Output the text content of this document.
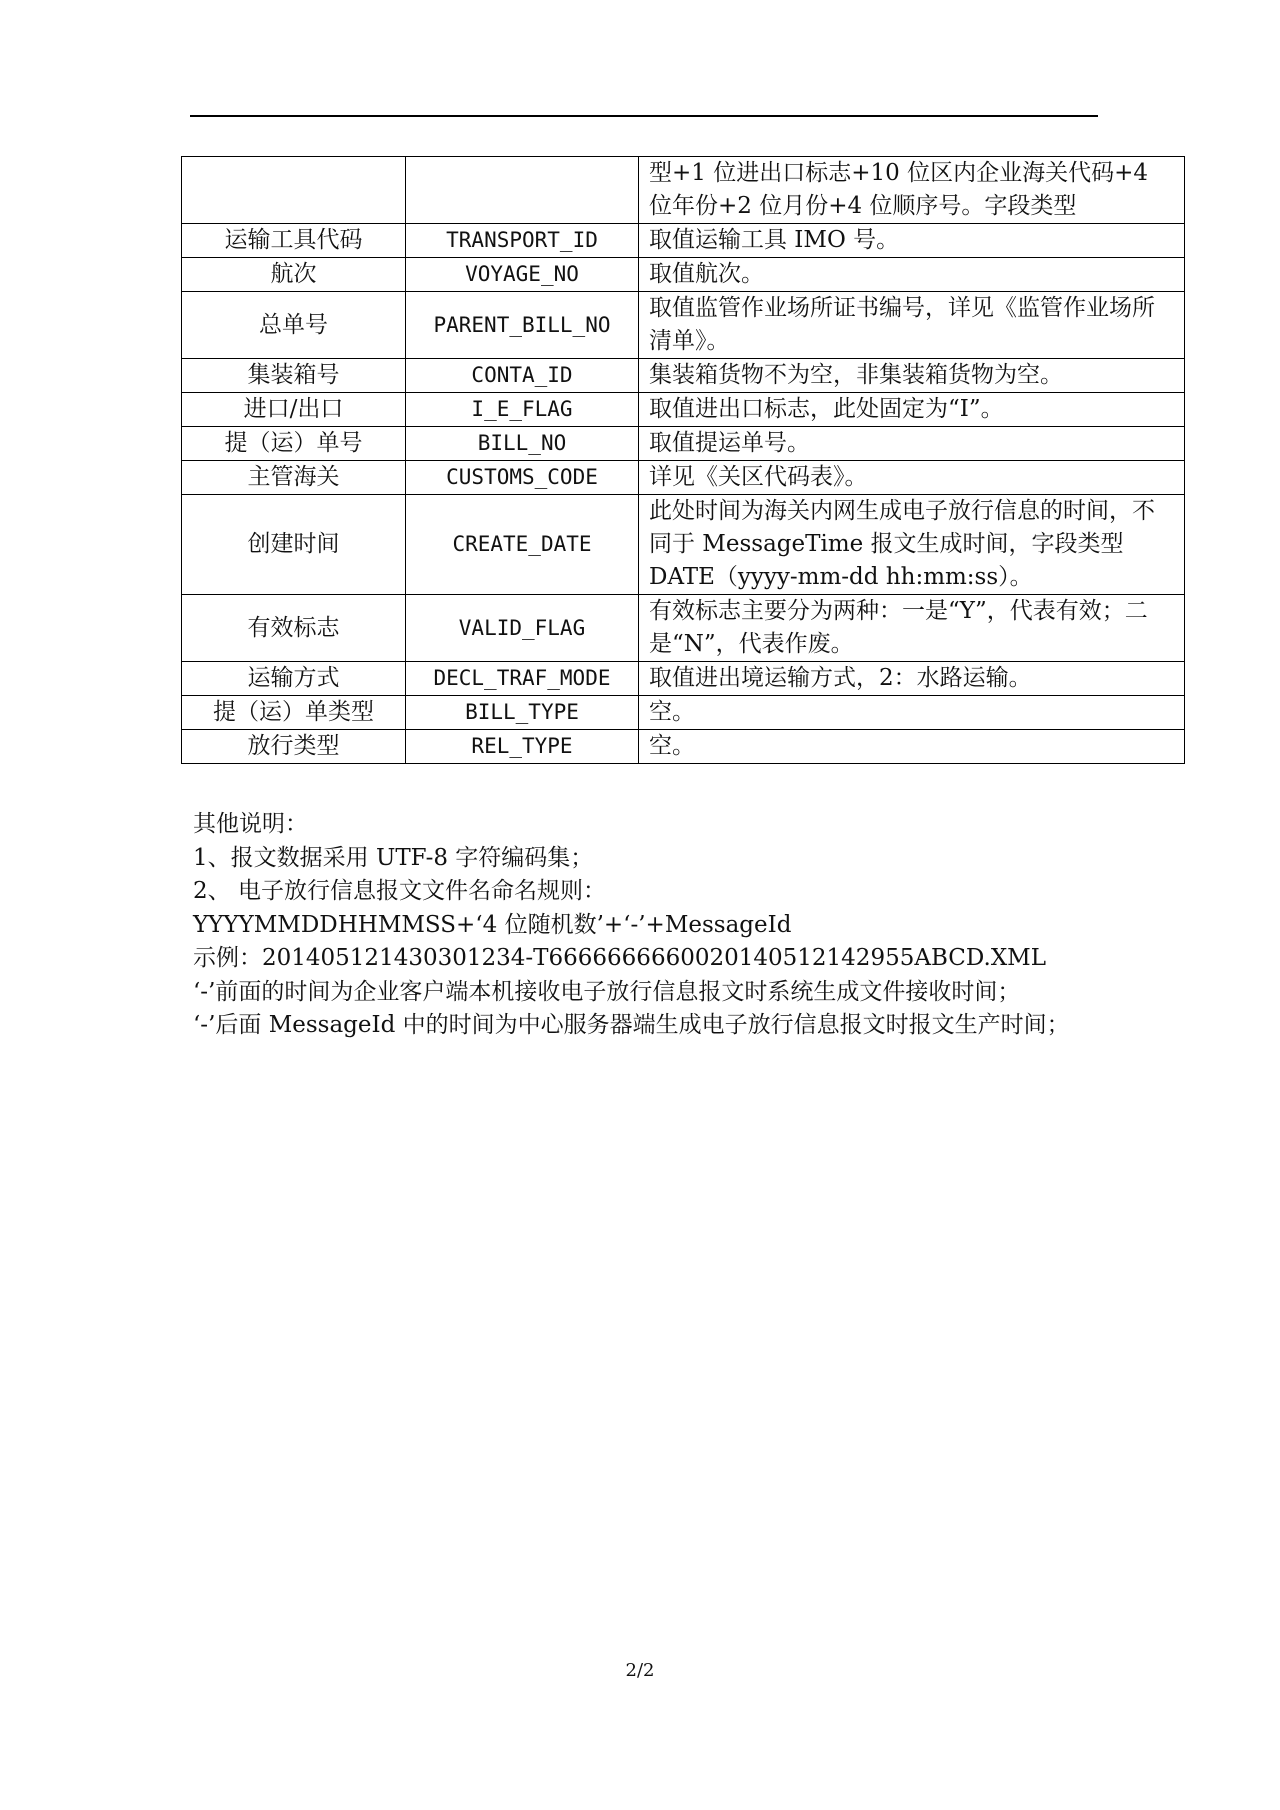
		型+1 位进出口标志+10 位区内企业海关代码+4 位年份+2 位月份+4 位顺序号。字段类型
运输工具代码	TRANSPORT_ID	取值运输工具 IMO 号。
航次	VOYAGE_NO	取值航次。
总单号	PARENT_BILL_NO	取值监管作业场所证书编号，详见《监管作业场所清单》。
集装箱号	CONTA_ID	集装箱货物不为空，非集装箱货物为空。
进口/出口	I_E_FLAG	取值进出口标志，此处固定为“I”。
提（运）单号	BILL_NO	取值提运单号。
主管海关	CUSTOMS_CODE	详见《关区代码表》。
创建时间	CREATE_DATE	此处时间为海关内网生成电子放行信息的时间，不同于 MessageTime 报文生成时间，字段类型 DATE（yyyy-mm-dd hh:mm:ss）。
有效标志	VALID_FLAG	有效标志主要分为两种：一是“Y”，代表有效；二是“N”，代表作废。
运输方式	DECL_TRAF_MODE	取值进出境运输方式，2：水路运输。
提（运）单类型	BILL_TYPE	空。
放行类型	REL_TYPE	空。

其他说明：

1、报文数据采用 UTF-8 字符编码集；

2、 电子放行信息报文文件名命名规则：

YYYYMMDDHHMMSS+‘4 位随机数’+‘-’+MessageId

示例：201405121430301234-T6666666660020140512142955ABCD.XML

‘-’前面的时间为企业客户端本机接收电子放行信息报文时系统生成文件接收时间；

‘-’后面 MessageId 中的时间为中心服务器端生成电子放行信息报文时报文生产时间；

2/2
